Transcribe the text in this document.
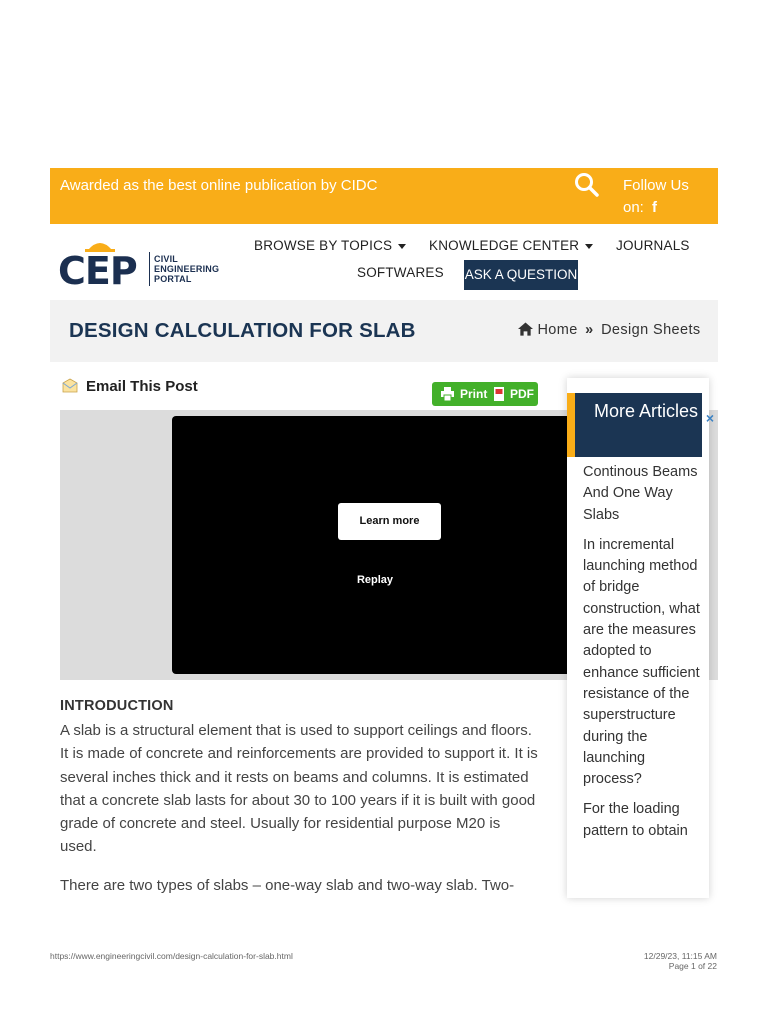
Awarded as the best online publication by CIDC	Follow Us on: f
CEP CIVIL
ENGINEERING
PORTAL
BROWSE BY TOPICS	KNOWLEDGE CENTER	JOURNALS
SOFTWARES ASK A QUESTION
DESIGN CALCULATION FOR SLAB	Home » Design Sheets
Email This Post	Print PDF
Learn more
Replay
More Articles ×

Continous Beams And One Way Slabs

In incremental launching method of bridge construction, what are the measures adopted to enhance sufficient resistance of the superstructure during the launching process?

For the loading pattern to obtain

INTRODUCTION

A slab is a structural element that is used to support ceilings and floors. It is made of concrete and reinforcements are provided to support it. It is several inches thick and it rests on beams and columns. It is estimated that a concrete slab lasts for about 30 to 100 years if it is built with good grade of concrete and steel. Usually for residential purpose M20 is used.

There are two types of slabs – one-way slab and two-way slab. Two-

https://www.engineeringcivil.com/design-calculation-for-slab.html	12/29/23, 11:15 AM
Page 1 of 22
